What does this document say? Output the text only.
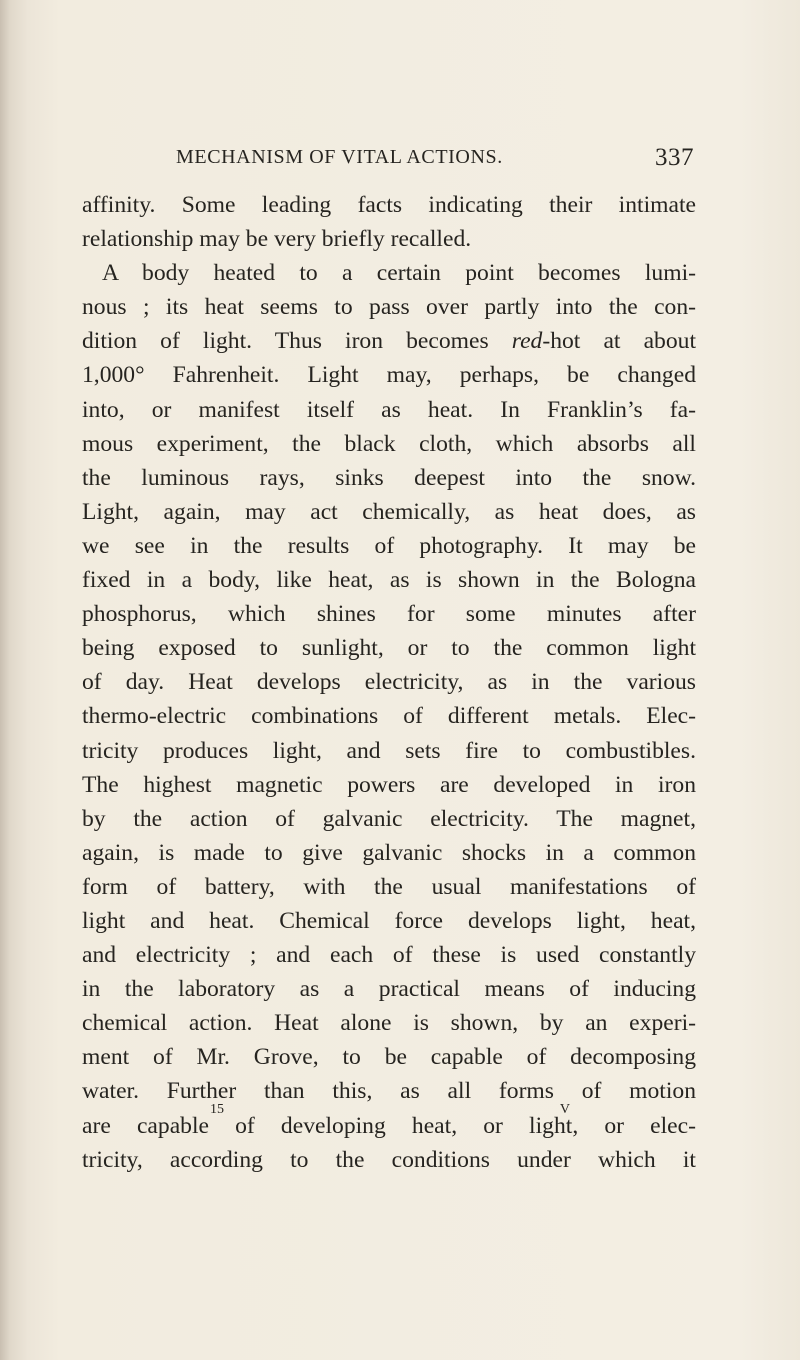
MECHANISM OF VITAL ACTIONS.	337
affinity. Some leading facts indicating their intimate
relationship may be very briefly recalled.
A body heated to a certain point becomes lumi-
nous ; its heat seems to pass over partly into the con-
dition of light. Thus iron becomes red-hot at about
1,000° Fahrenheit. Light may, perhaps, be changed
into, or manifest itself as heat. In Franklin’s fa-
mous experiment, the black cloth, which absorbs all
the luminous rays, sinks deepest into the snow.
Light, again, may act chemically, as heat does, as
we see in the results of photography. It may be
fixed in a body, like heat, as is shown in the Bologna
phosphorus, which shines for some minutes after
being exposed to sunlight, or to the common light
of day. Heat develops electricity, as in the various
thermo-electric combinations of different metals. Elec-
tricity produces light, and sets fire to combustibles.
The highest magnetic powers are developed in iron
by the action of galvanic electricity. The magnet,
again, is made to give galvanic shocks in a common
form of battery, with the usual manifestations of
light and heat. Chemical force develops light, heat,
and electricity ; and each of these is used constantly
in the laboratory as a practical means of inducing
chemical action. Heat alone is shown, by an experi-
ment of Mr. Grove, to be capable of decomposing
water. Further than this, as all forms of motion
are capable of developing heat, or light, or elec-
tricity, according to the conditions under which it
15	V
